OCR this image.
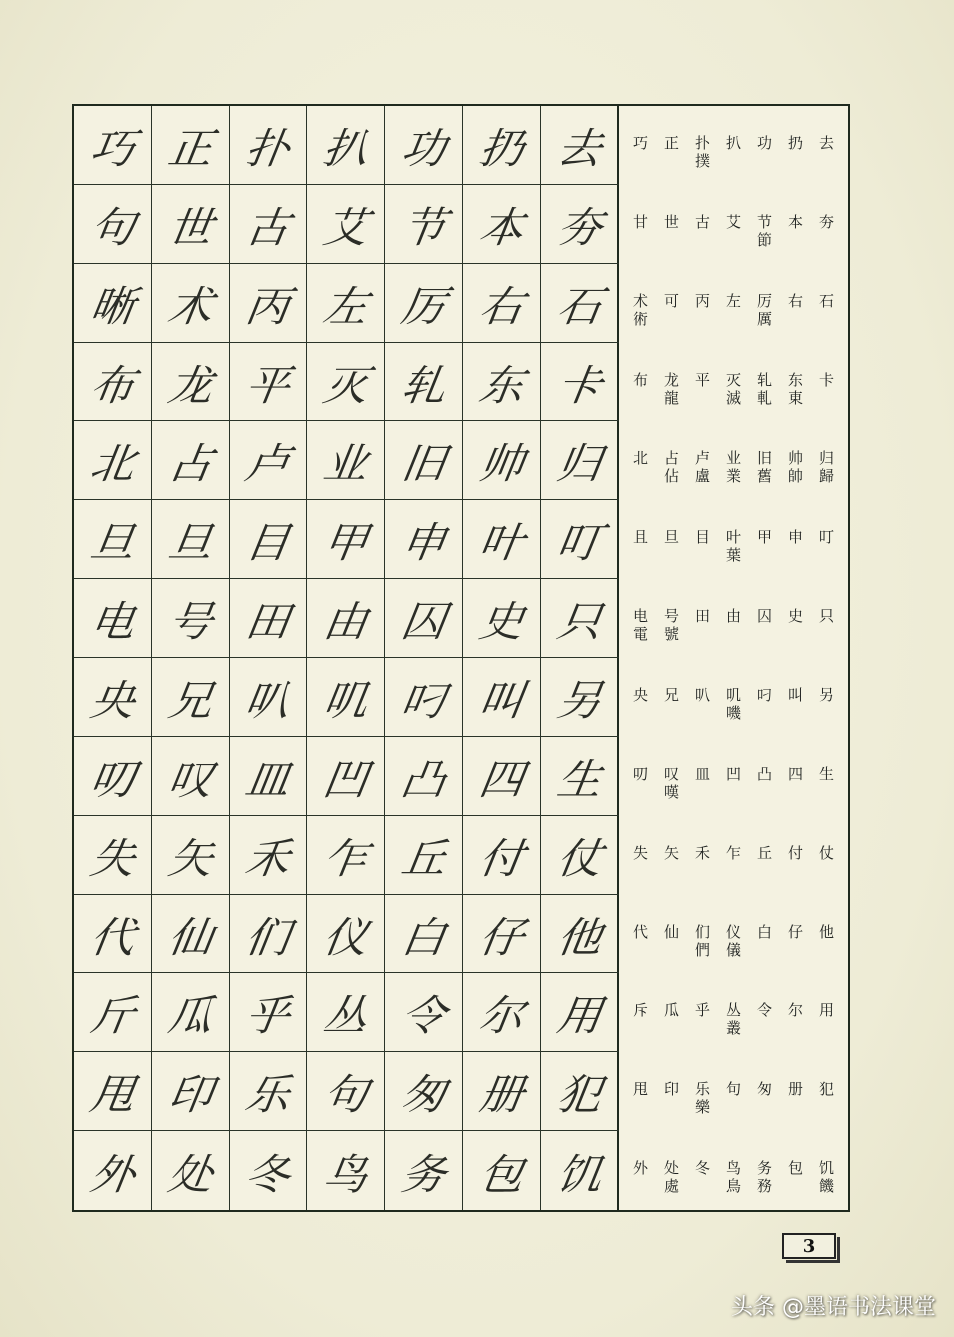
巧
句
晰
布
北
旦
电
央
叨
失
代
斤
甩
外
正
世
术
龙
占
旦
号
兄
叹
矢
仙
瓜
印
处
扑
古
丙
平
卢
目
田
叭
皿
禾
们
乎
乐
冬
扒
艾
左
灭
业
甲
由
叽
凹
乍
仪
丛
句
鸟
功
节
厉
轧
旧
申
囚
叼
凸
丘
白
令
匆
务
扔
本
右
东
帅
叶
史
叫
四
付
仔
尔
册
包
去
夯
石
卡
归
叮
只
另
生
仗
他
用
犯
饥
去
扔
功
扒
扑
撲
正
巧
夯
本
节
節
艾
古
世
甘
石
右
厉
厲
左
丙
可
术
術
卡
东
東
轧
軋
灭
滅
平
龙
龍
布
归
歸
帅
帥
旧
舊
业
業
卢
盧
占
佔
北
叮
申
甲
叶
葉
目
旦
且
只
史
囚
由
田
号
號
电
電
另
叫
叼
叽
嘰
叭
兄
央
生
四
凸
凹
皿
叹
嘆
叨
仗
付
丘
乍
禾
矢
失
他
仔
白
仪
儀
们
們
仙
代
用
尔
令
丛
叢
乎
瓜
斥
犯
册
匆
句
乐
樂
印
甩
饥
饑
包
务
務
鸟
鳥
冬
处
處
外
3
头条 @墨语书法课堂
